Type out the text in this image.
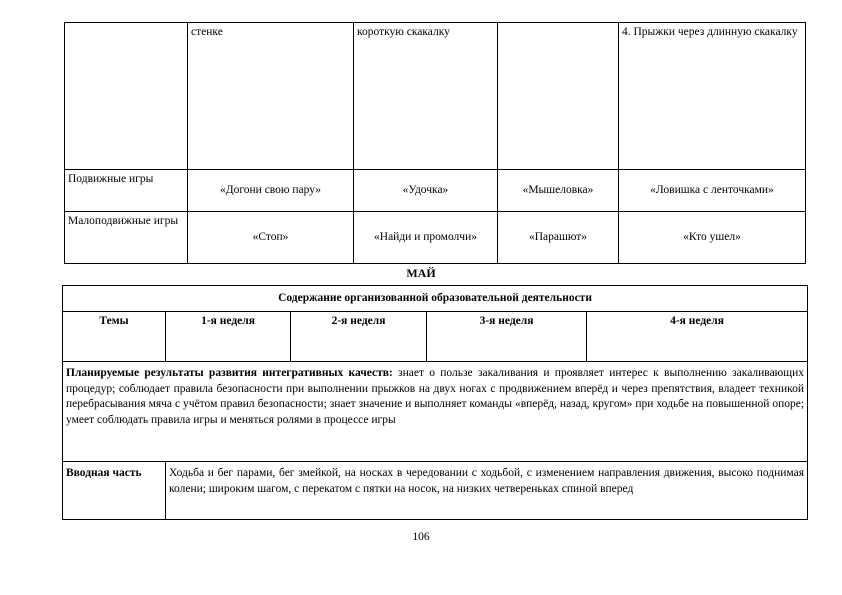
	стенке	короткую скакалку		4. Прыжки через длинную скакалку
Подвижные игры	«Догони свою пару»	«Удочка»	«Мышеловка»	«Ловишка с ленточками»
Малоподвижные игры	«Стоп»	«Найди и промолчи»	«Парашют»	«Кто ушел»
МАЙ
Содержание организованной образовательной деятельности				
Темы	1-я неделя	2-я неделя	3-я неделя	4-я неделя
Планируемые результаты развития интегративных качеств: знает о пользе закаливания и проявляет интерес к выполнению закаливающих процедур; соблюдает правила безопасности при выполнении прыжков на двух ногах с продвижением вперёд и через препятствия, владеет техникой перебрасывания мяча с учётом правил безопасности; знает значение и выполняет команды «вперёд, назад, кругом» при ходьбе на повышенной опоре; умеет соблюдать правила игры и меняться ролями в процессе игры				
Вводная часть	Ходьба и бег парами, бег змейкой, на носках в чередовании с ходьбой, с изменением направления движения, высоко поднимая колени; широким шагом, с перекатом с пятки на носок, на низких четвереньках спиной вперед			
106
